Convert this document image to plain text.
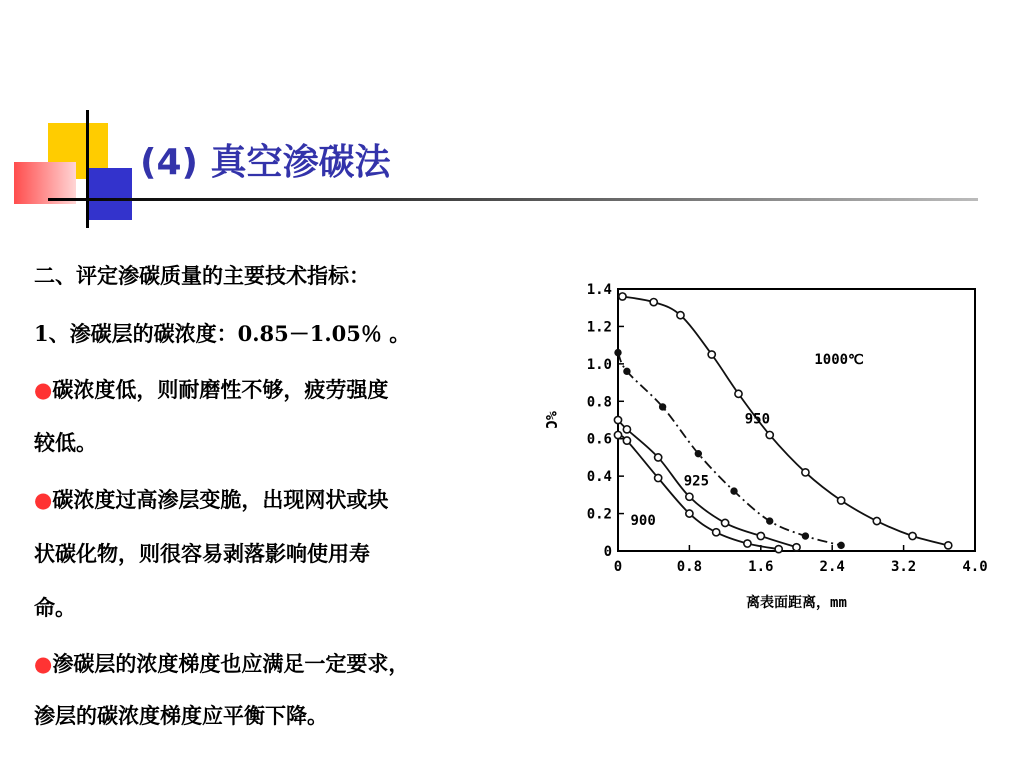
(4) 真空渗碳法
二、评定渗碳质量的主要技术指标：
1、渗碳层的碳浓度：0.85－1.05％ 。
●碳浓度低，则耐磨性不够，疲劳强度
较低。
●碳浓度过高渗层变脆，出现网状或块
状碳化物，则很容易剥落影响使用寿
命。
●渗碳层的浓度梯度也应满足一定要求，
渗层的碳浓度梯度应平衡下降。
0	0.8	1.6	2.4	3.2	4.0
0
0.2
0.4
0.6
0.8
1.0
1.2
1.4
离表面距离，mm
%C
1000℃
950
925
900
